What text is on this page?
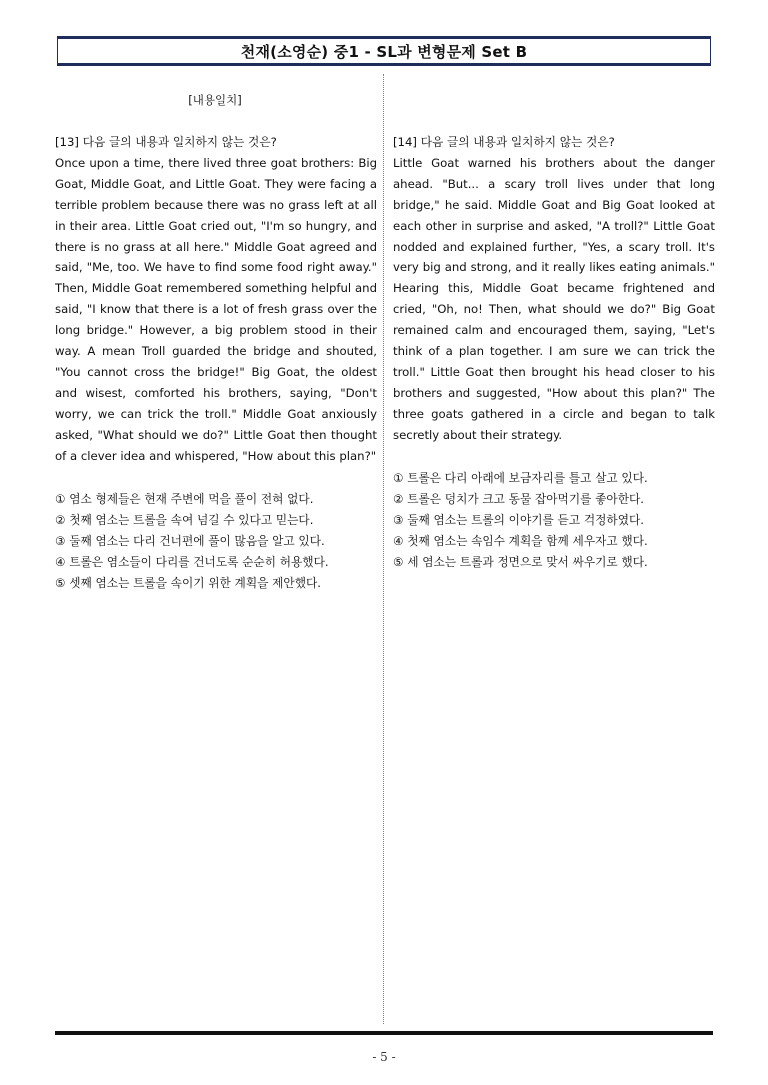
천재(소영순) 중1 - SL과 변형문제 Set B
[내용일치]

[13] 다음 글의 내용과 일치하지 않는 것은?

Once upon a time, there lived three goat brothers: Big Goat, Middle Goat, and Little Goat. They were facing a terrible problem because there was no grass left at all in their area. Little Goat cried out, "I'm so hungry, and there is no grass at all here." Middle Goat agreed and said, "Me, too. We have to find some food right away." Then, Middle Goat remembered something helpful and said, "I know that there is a lot of fresh grass over the long bridge." However, a big problem stood in their way. A mean Troll guarded the bridge and shouted, "You cannot cross the bridge!" Big Goat, the oldest and wisest, comforted his brothers, saying, "Don't worry, we can trick the troll." Middle Goat anxiously asked, "What should we do?" Little Goat then thought of a clever idea and whispered, "How about this plan?"

① 염소 형제들은 현재 주변에 먹을 풀이 전혀 없다.
② 첫째 염소는 트롤을 속여 넘길 수 있다고 믿는다.
③ 둘째 염소는 다리 건너편에 풀이 많음을 알고 있다.
④ 트롤은 염소들이 다리를 건너도록 순순히 허용했다.
⑤ 셋째 염소는 트롤을 속이기 위한 계획을 제안했다.

[14] 다음 글의 내용과 일치하지 않는 것은?

Little Goat warned his brothers about the danger ahead. "But... a scary troll lives under that long bridge," he said. Middle Goat and Big Goat looked at each other in surprise and asked, "A troll?" Little Goat nodded and explained further, "Yes, a scary troll. It's very big and strong, and it really likes eating animals." Hearing this, Middle Goat became frightened and cried, "Oh, no! Then, what should we do?" Big Goat remained calm and encouraged them, saying, "Let's think of a plan together. I am sure we can trick the troll." Little Goat then brought his head closer to his brothers and suggested, "How about this plan?" The three goats gathered in a circle and began to talk secretly about their strategy.

① 트롤은 다리 아래에 보금자리를 틀고 살고 있다.
② 트롤은 덩치가 크고 동물 잡아먹기를 좋아한다.
③ 둘째 염소는 트롤의 이야기를 듣고 걱정하였다.
④ 첫째 염소는 속임수 계획을 함께 세우자고 했다.
⑤ 세 염소는 트롤과 정면으로 맞서 싸우기로 했다.
- 5 -
